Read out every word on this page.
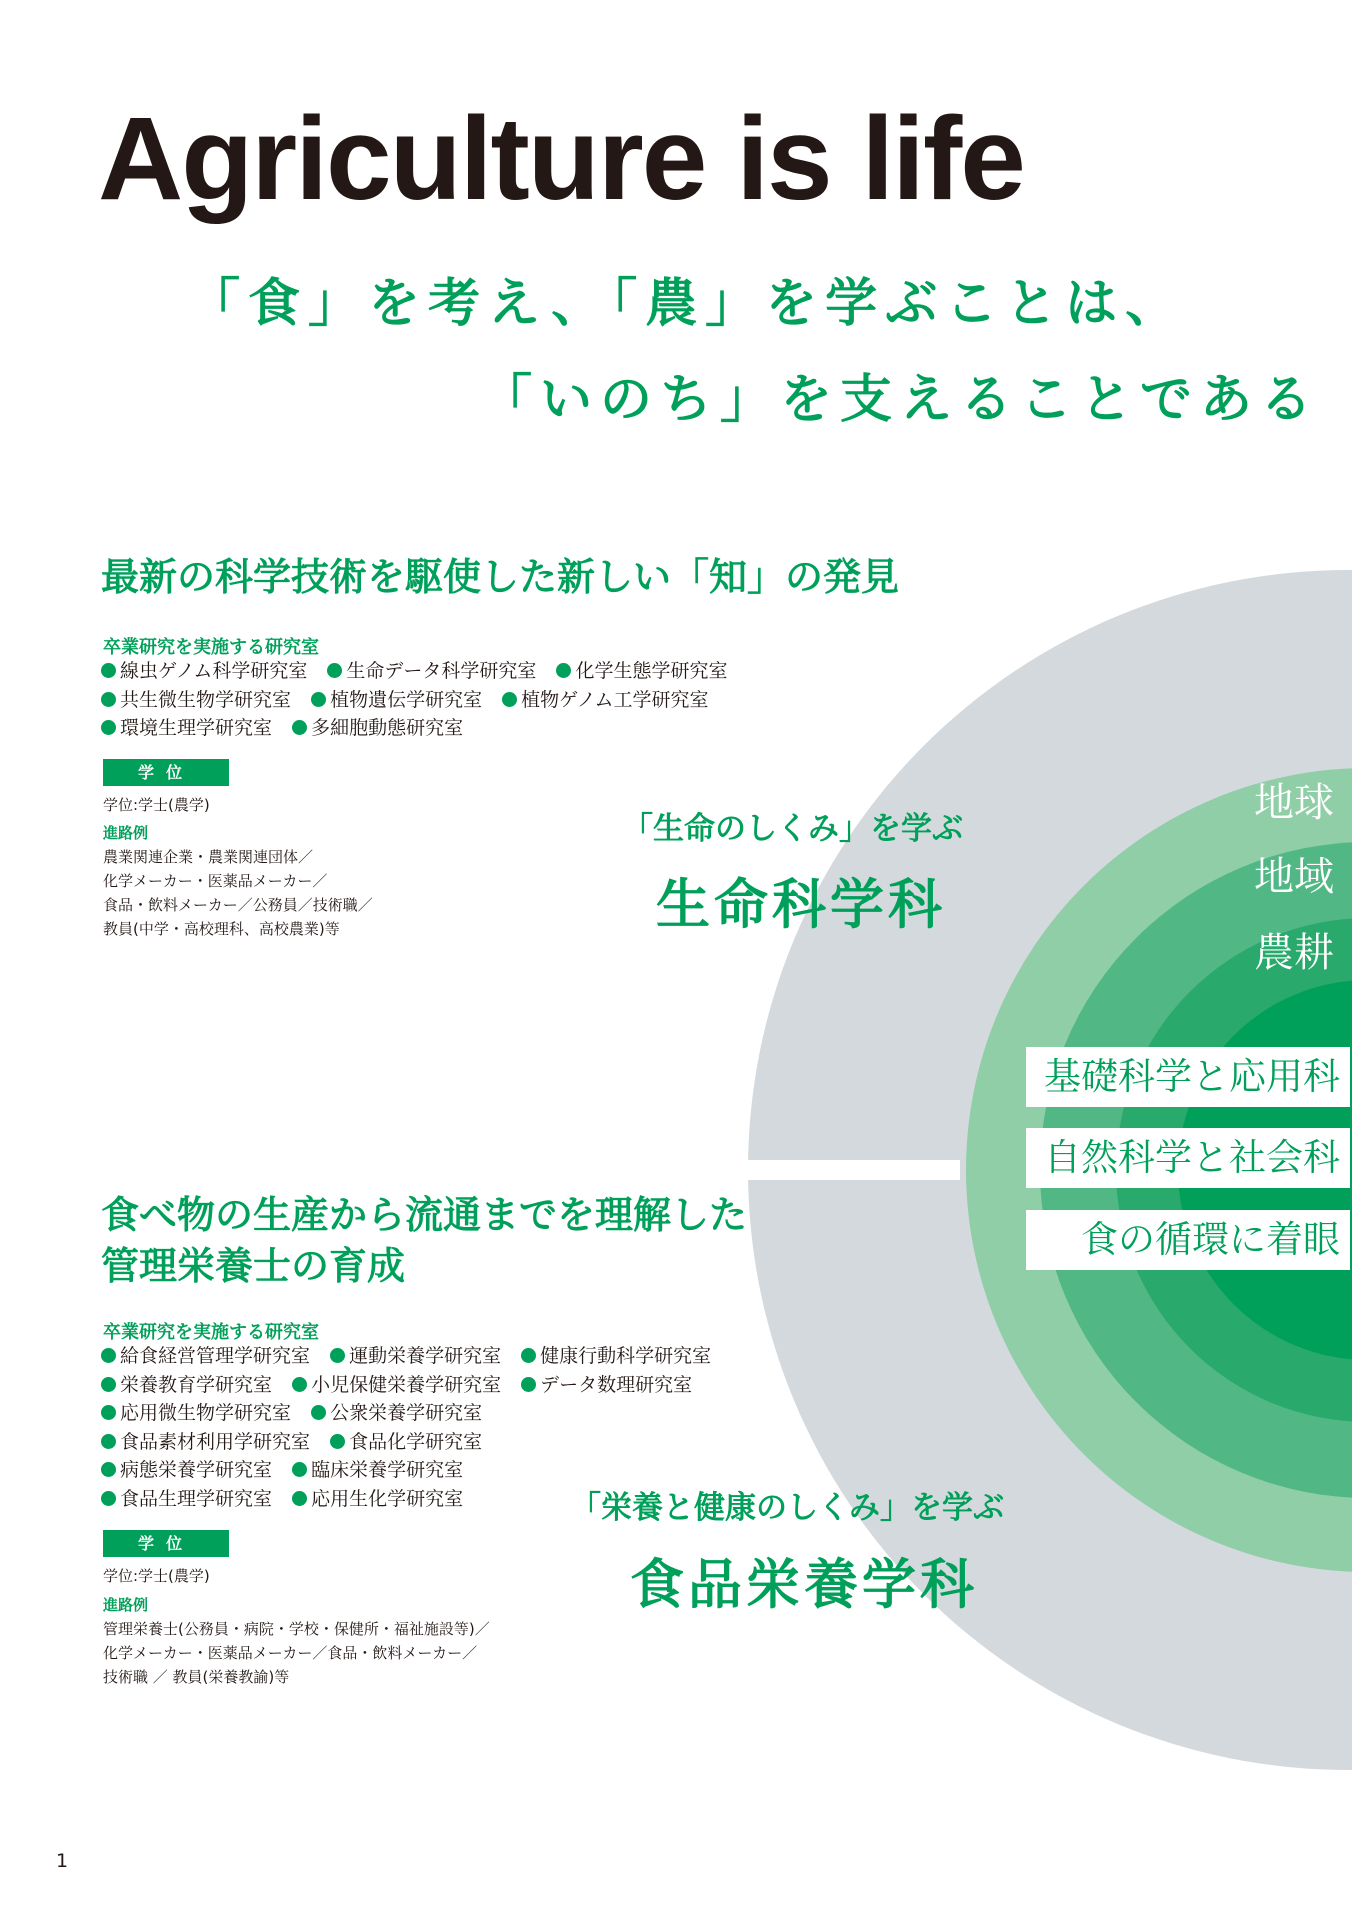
Agriculture is life
「食」を考え、「農」を学ぶことは、
「いのち」を支えることである
最新の科学技術を駆使した新しい「知」の発見
卒業研究を実施する研究室
線虫ゲノム科学研究室 生命データ科学研究室 化学生態学研究室
共生微生物学研究室 植物遺伝学研究室 植物ゲノム工学研究室
環境生理学研究室 多細胞動態研究室
学位
学位:学士(農学)
進路例
農業関連企業・農業関連団体／
化学メーカー・医薬品メーカー／
食品・飲料メーカー／公務員／技術職／
教員(中学・高校理科、高校農業)等
「生命のしくみ」を学ぶ
生命科学科
地球
地域
農耕
基礎科学と応用科
自然科学と社会科
食の循環に着眼
食べ物の生産から流通までを理解した
管理栄養士の育成
卒業研究を実施する研究室
給食経営管理学研究室 運動栄養学研究室 健康行動科学研究室
栄養教育学研究室 小児保健栄養学研究室 データ数理研究室
応用微生物学研究室 公衆栄養学研究室
食品素材利用学研究室 食品化学研究室
病態栄養学研究室 臨床栄養学研究室
食品生理学研究室 応用生化学研究室
学位
学位:学士(農学)
進路例
管理栄養士(公務員・病院・学校・保健所・福祉施設等)／
化学メーカー・医薬品メーカー／食品・飲料メーカー／
技術職 ／ 教員(栄養教諭)等
「栄養と健康のしくみ」を学ぶ
食品栄養学科
1
